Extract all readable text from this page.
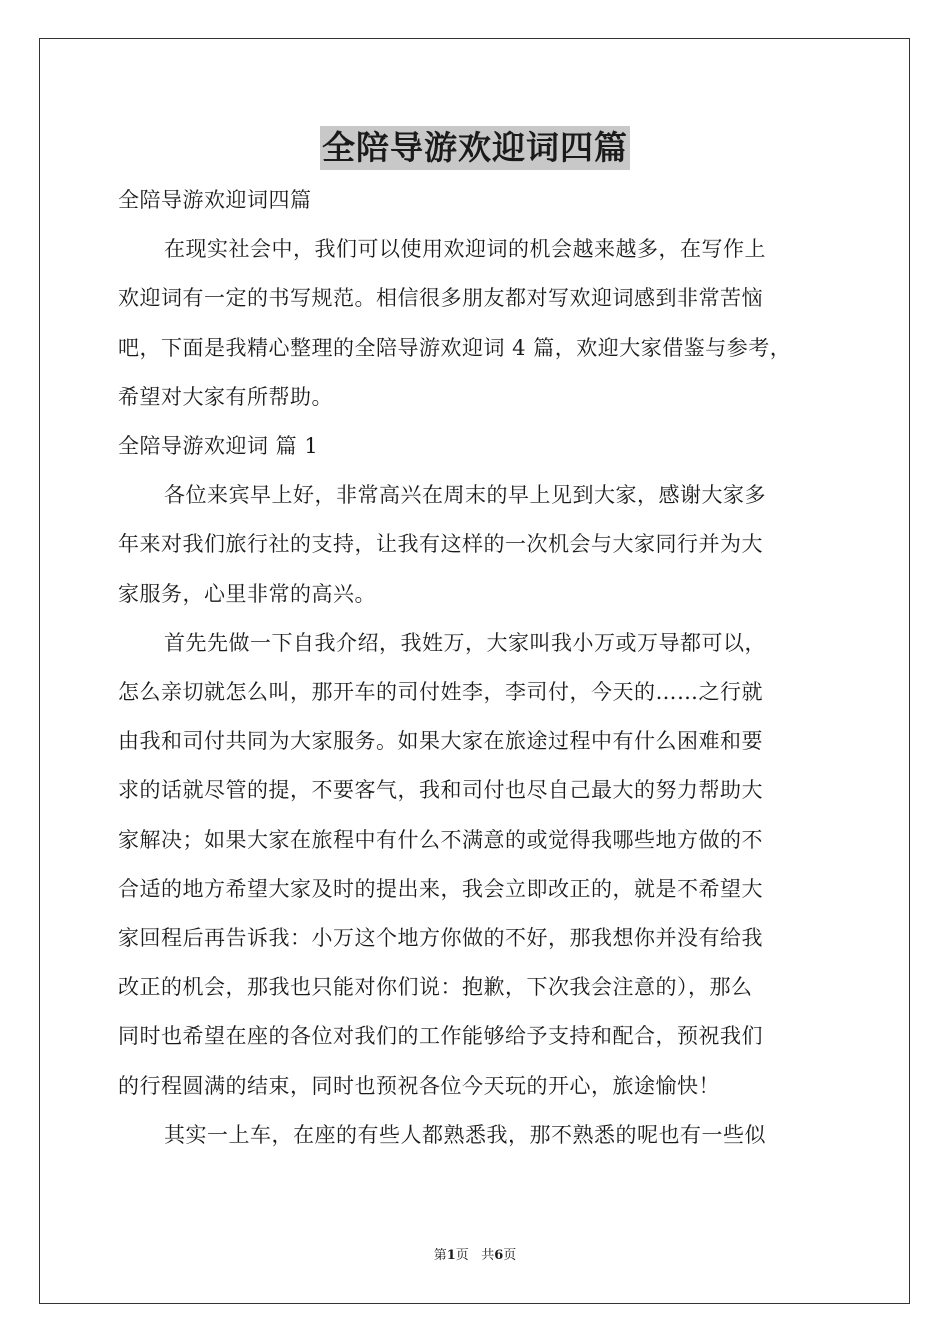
全陪导游欢迎词四篇
全陪导游欢迎词四篇
在现实社会中，我们可以使用欢迎词的机会越来越多，在写作上
欢迎词有一定的书写规范。相信很多朋友都对写欢迎词感到非常苦恼
吧，下面是我精心整理的全陪导游欢迎词 4 篇，欢迎大家借鉴与参考，
希望对大家有所帮助。
全陪导游欢迎词 篇 1
各位来宾早上好，非常高兴在周末的早上见到大家，感谢大家多
年来对我们旅行社的支持，让我有这样的一次机会与大家同行并为大
家服务，心里非常的高兴。
首先先做一下自我介绍，我姓万，大家叫我小万或万导都可以，
怎么亲切就怎么叫，那开车的司付姓李，李司付，今天的……之行就
由我和司付共同为大家服务。如果大家在旅途过程中有什么困难和要
求的话就尽管的提，不要客气，我和司付也尽自己最大的努力帮助大
家解决；如果大家在旅程中有什么不满意的或觉得我哪些地方做的不
合适的地方希望大家及时的提出来，我会立即改正的，就是不希望大
家回程后再告诉我：小万这个地方你做的不好，那我想你并没有给我
改正的机会，那我也只能对你们说：抱歉，下次我会注意的），那么
同时也希望在座的各位对我们的工作能够给予支持和配合，预祝我们
的行程圆满的结束，同时也预祝各位今天玩的开心，旅途愉快！
其实一上车，在座的有些人都熟悉我，那不熟悉的呢也有一些似
第1页 共6页
